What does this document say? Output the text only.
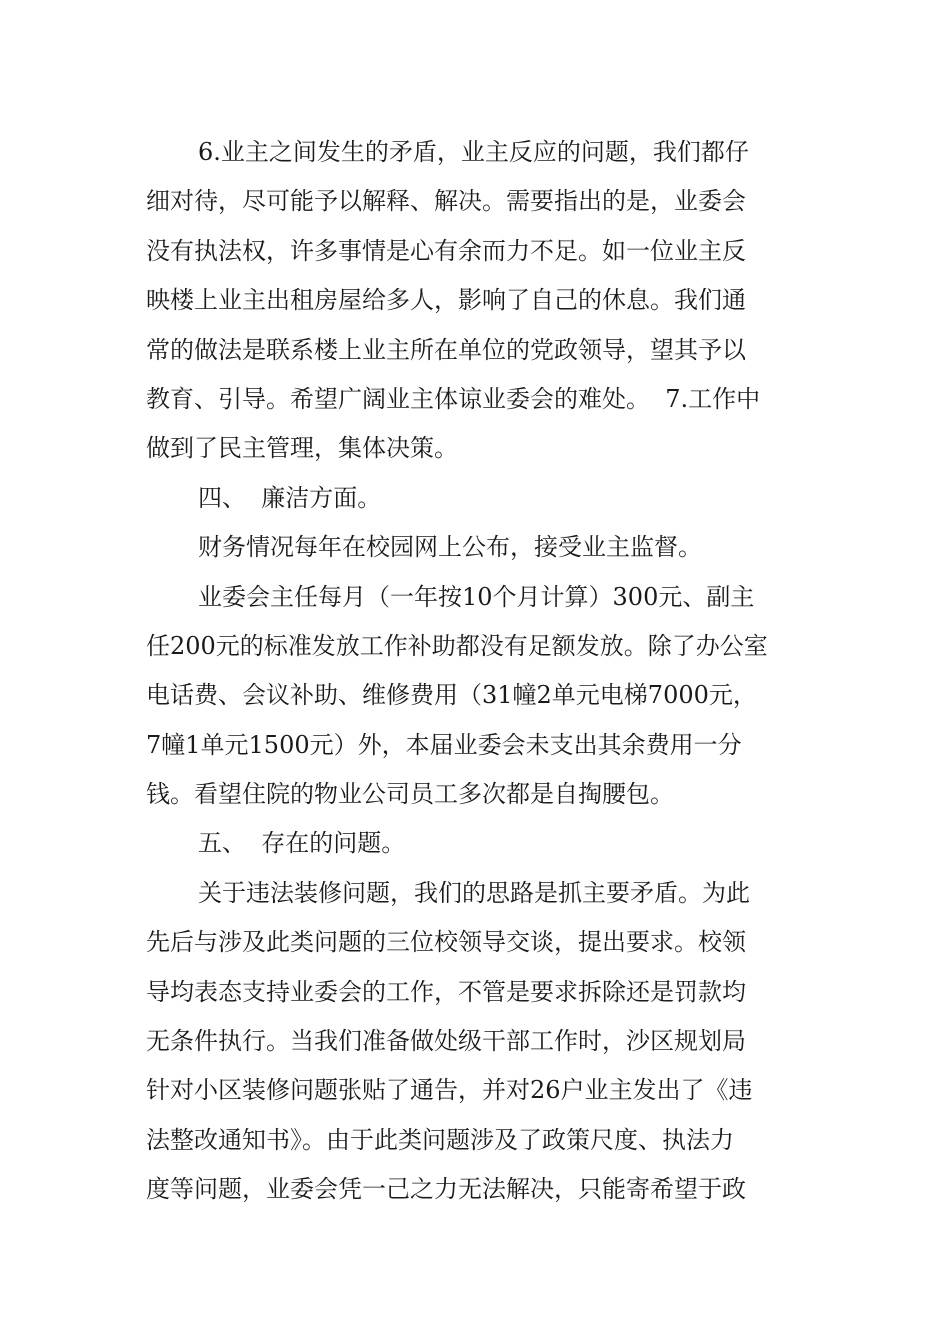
6.业主之间发生的矛盾，业主反应的问题，我们都仔
细对待，尽可能予以解释、解决。需要指出的是，业委会
没有执法权，许多事情是心有余而力不足。如一位业主反
映楼上业主出租房屋给多人，影响了自己的休息。我们通
常的做法是联系楼上业主所在单位的党政领导，望其予以
教育、引导。希望广阔业主体谅业委会的难处。  7.工作中
做到了民主管理，集体决策。
四、  廉洁方面。
财务情况每年在校园网上公布，接受业主监督。
业委会主任每月（一年按10个月计算）300元、副主
任200元的标准发放工作补助都没有足额发放。除了办公室
电话费、会议补助、维修费用（31幢2单元电梯7000元，
7幢1单元1500元）外，本届业委会未支出其余费用一分
钱。看望住院的物业公司员工多次都是自掏腰包。
五、  存在的问题。
关于违法装修问题，我们的思路是抓主要矛盾。为此
先后与涉及此类问题的三位校领导交谈，提出要求。校领
导均表态支持业委会的工作，不管是要求拆除还是罚款均
无条件执行。当我们准备做处级干部工作时，沙区规划局
针对小区装修问题张贴了通告，并对26户业主发出了《违
法整改通知书》。由于此类问题涉及了政策尺度、执法力
度等问题，业委会凭一己之力无法解决，只能寄希望于政
